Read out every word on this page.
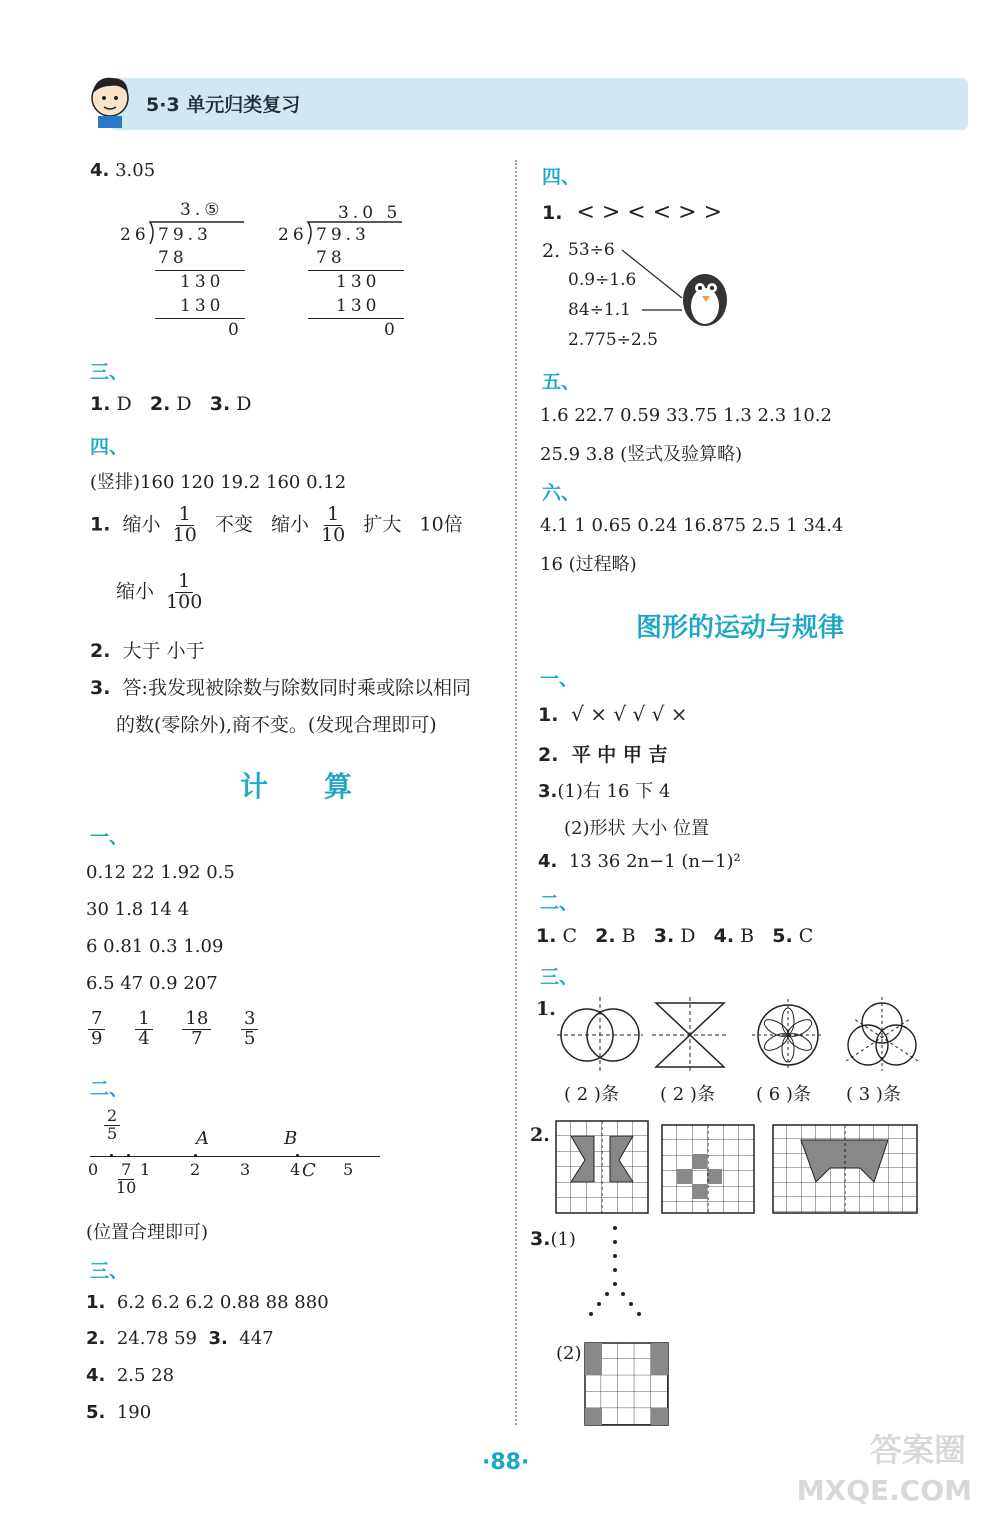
5·3 单元归类复习
4. 3.05
3.⑤
26 79.3
78
130
130
0
3.0 5
26 79.3
78
130
130
0
三、
1. D 2. D 3. D
四、
(竖排)160 120 19.2 160 0.12
1. 缩小 $\frac{1}{10}$ 不变 缩小 $\frac{1}{10}$ 扩大 10倍
缩小 $\frac{1}{100}$
2. 大于 小于
3. 答:我发现被除数与除数同时乘或除以相同
的数(零除外),商不变。(发现合理即可)
计　　算
一、
0.12 22 1.92 0.5
30 1.8 14 4
6 0.81 0.3 1.09
6.5 47 0.9 207
$\frac{7}{9}$
$\frac{1}{4}$
$\frac{18}{7}$
$\frac{3}{5}$
二、
$\frac{2}{5}$	A	B
0	1 2 3 4 C 5
$\frac{7}{10}$
(位置合理即可)
三、
1. 6.2 6.2 6.2 0.88 88 880
2. 24.78 59 3. 447
4. 2.5 28
5. 190
四、
1. < > < < > >
2. 53÷6
0.9÷1.6
84÷1.1
2.775÷2.5
五、
1.6 22.7 0.59 33.75 1.3 2.3 10.2
25.9 3.8 (竖式及验算略)
六、
4.1 1 0.65 0.24 16.875 2.5 1 34.4
16 (过程略)
图形的运动与规律
一、
1. √ × √ √ √ ×
2. 平 中 甲 吉
3.(1)右 16 下 4
(2)形状 大小 位置
4. 13 36 2n−1 (n−1)²
二、
1. C 2. B 3. D 4. B 5. C
三、
1.
( 2 )条 ( 2 )条 ( 6 )条 ( 3 )条
2.
3.(1)
(2)
·88·	答案圈
MXQE.COM
